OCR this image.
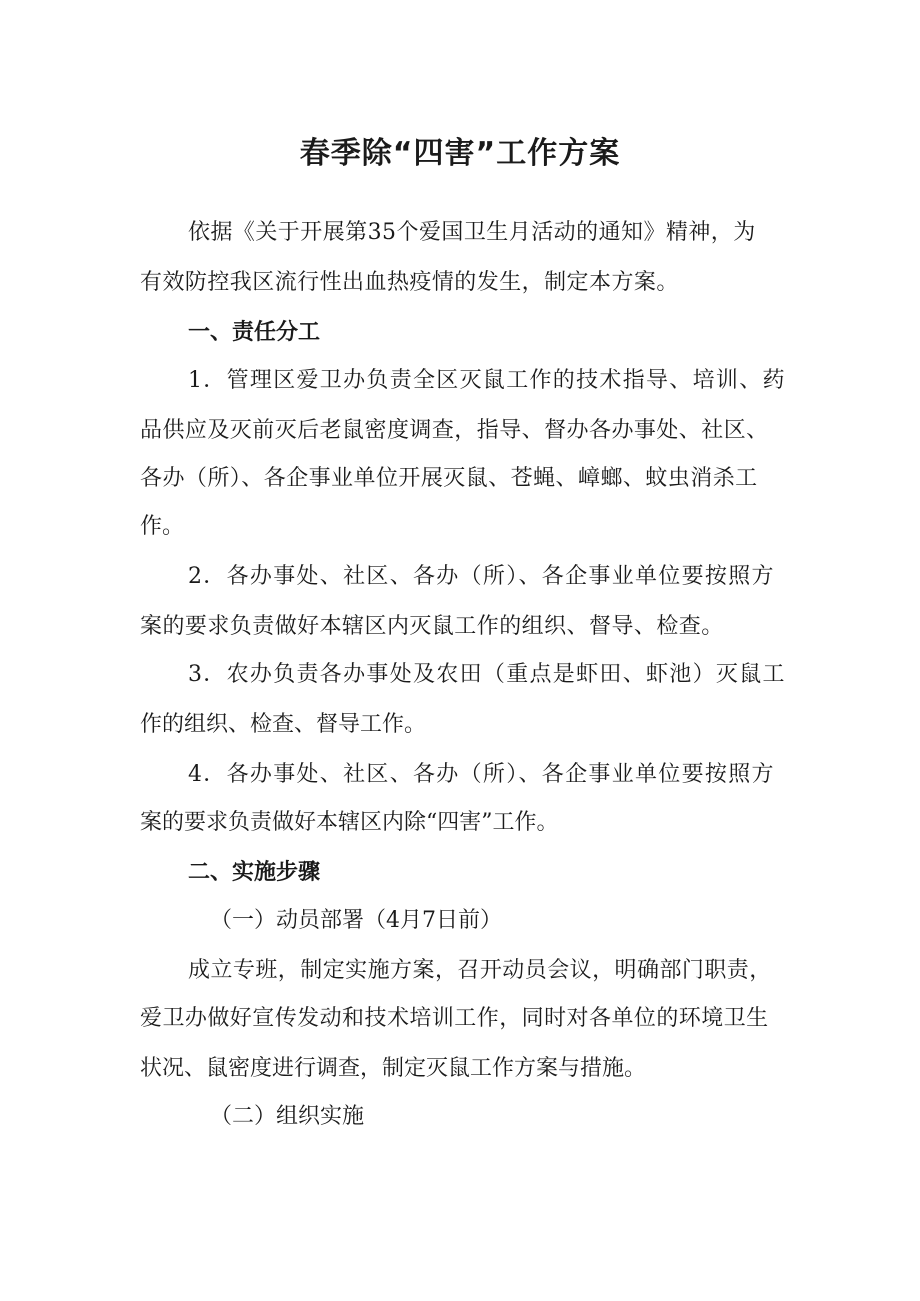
春季除“四害”工作方案

依据《关于开展第35个爱国卫生月活动的通知》精神，为

有效防控我区流行性出血热疫情的发生，制定本方案。

一、责任分工

1．管理区爱卫办负责全区灭鼠工作的技术指导、培训、药

品供应及灭前灭后老鼠密度调查，指导、督办各办事处、社区、

各办（所）、各企事业单位开展灭鼠、苍蝇、嶂螂、蚊虫消杀工

作。

2．各办事处、社区、各办（所）、各企事业单位要按照方

案的要求负责做好本辖区内灭鼠工作的组织、督导、检查。

3．农办负责各办事处及农田（重点是虾田、虾池）灭鼠工

作的组织、检查、督导工作。

4．各办事处、社区、各办（所）、各企事业单位要按照方

案的要求负责做好本辖区内除“四害”工作。

二、实施步骤

（一）动员部署（4月7日前）

成立专班，制定实施方案，召开动员会议，明确部门职责，

爱卫办做好宣传发动和技术培训工作，同时对各单位的环境卫生

状况、鼠密度进行调查，制定灭鼠工作方案与措施。

（二）组织实施
